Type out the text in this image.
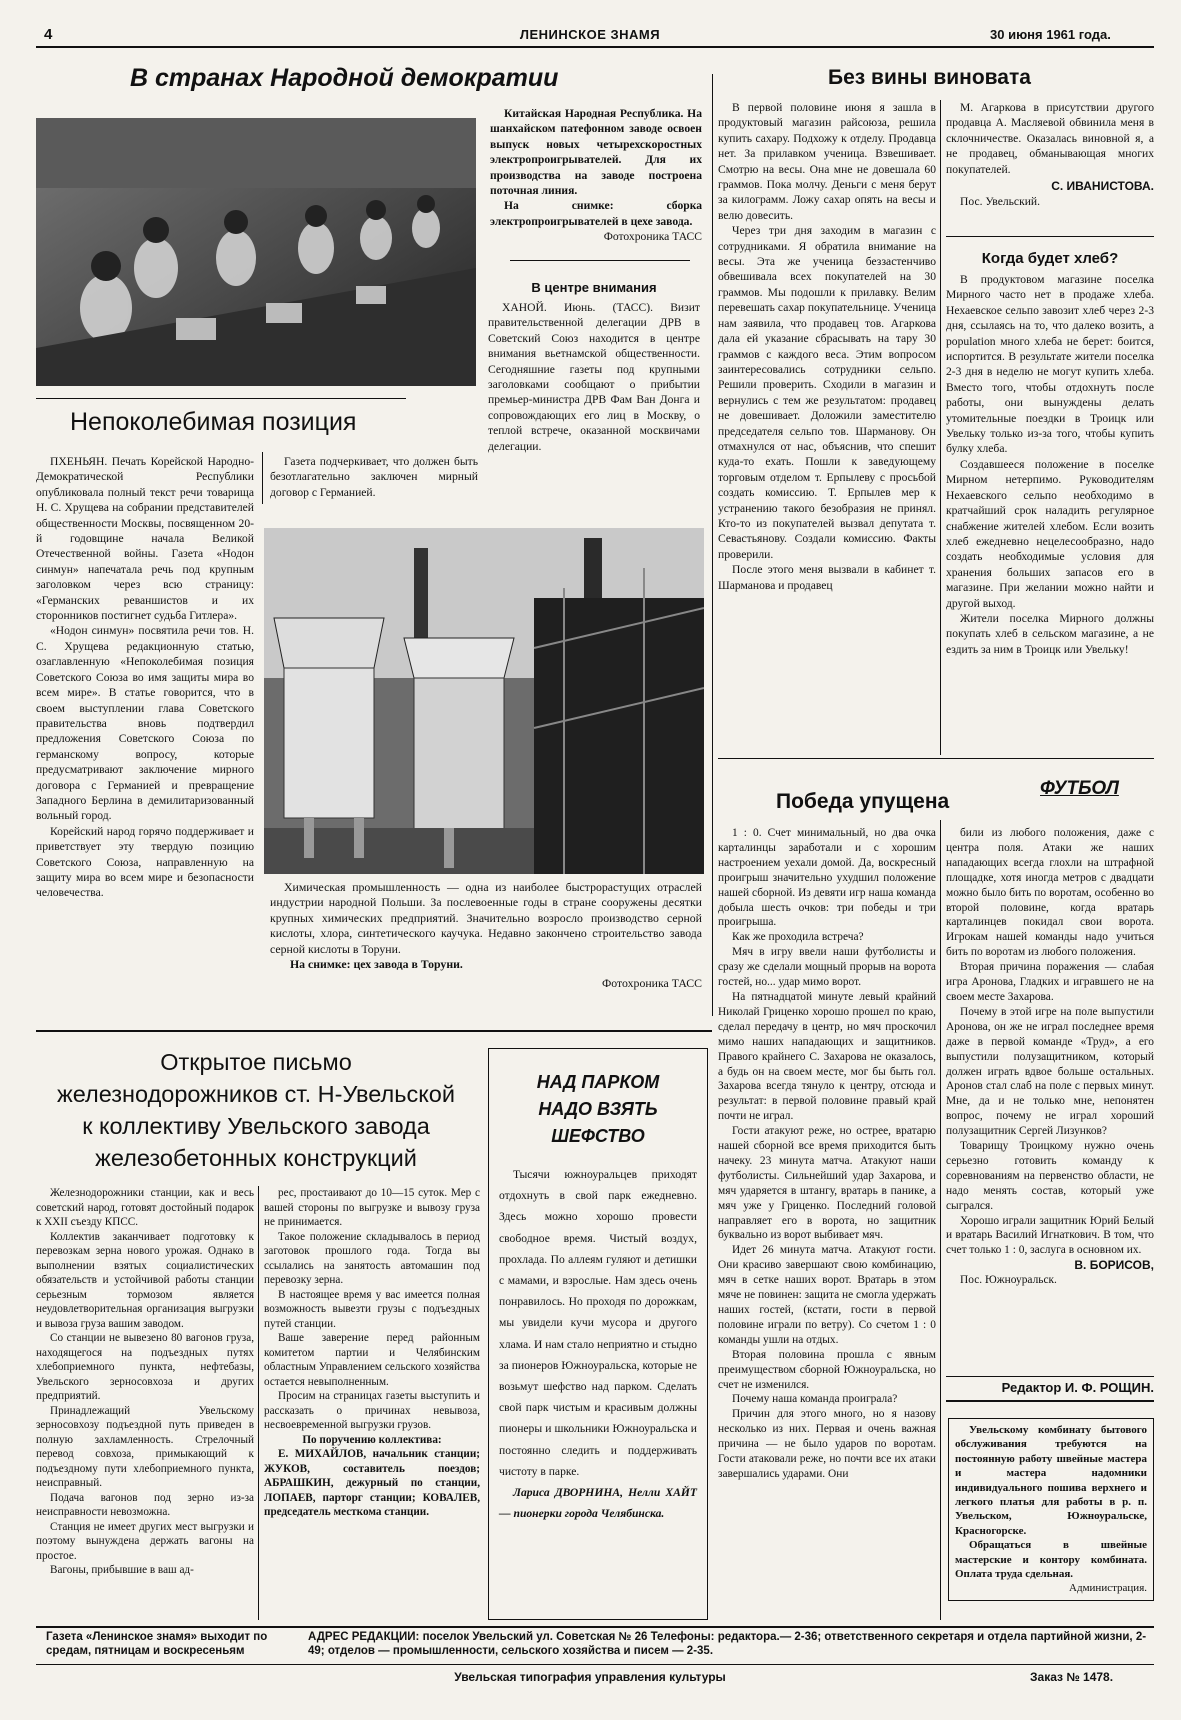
4	ЛЕНИНСКОЕ ЗНАМЯ	30 июня 1961 года.
В странах Народной демократии

Китайская Народная Республика. На шанхайском патефонном заводе освоен выпуск новых четырехскоростных электропроигрывателей. Для их производства на заводе построена поточная линия.

На снимке: сборка электропроигрывателей в цехе завода.

Фотохроника ТАСС
В центре внимания

ХАНОЙ. Июнь. (ТАСС). Визит правительственной делегации ДРВ в Советский Союз находится в центре внимания вьетнамской общественности. Сегодняшние газеты под крупными заголовками сообщают о прибытии премьер-министра ДРВ Фам Ван Донга и сопровождающих его лиц в Москву, о теплой встрече, оказанной москвичами делегации.

Непоколебимая позиция

ПХЕНЬЯН. Печать Корейской Народно-Демократической Республики опубликовала полный текст речи товарища Н. С. Хрущева на собрании представителей общественности Москвы, посвященном 20-й годовщине начала Великой Отечественной войны. Газета «Нодон синмун» напечатала речь под крупным заголовком через всю страницу: «Германских реваншистов и их сторонников постигнет судьба Гитлера».

«Нодон синмун» посвятила речи тов. Н. С. Хрущева редакционную статью, озаглавленную «Непоколебимая позиция Советского Союза во имя защиты мира во всем мире». В статье говорится, что в своем выступлении глава Советского правительства вновь подтвердил предложения Советского Союза по германскому вопросу, которые предусматривают заключение мирного договора с Германией и превращение Западного Берлина в демилитаризованный вольный город.

Корейский народ горячо поддерживает и приветствует эту твердую позицию Советского Союза, направленную на защиту мира во всем мире и безопасности человечества.

Газета подчеркивает, что должен быть безотлагательно заключен мирный договор с Германией.

Химическая промышленность — одна из наиболее быстрорастущих отраслей индустрии народной Польши. За послевоенные годы в стране сооружены десятки крупных химических предприятий. Значительно возросло производство серной кислоты, хлора, синтетического каучука. Недавно закончено строительство завода серной кислоты в Торуни.

На снимке: цех завода в Торуни.
Фотохроника ТАСС
Без вины виновата

В первой половине июня я зашла в продуктовый магазин райсоюза, решила купить сахару. Подхожу к отделу. Продавца нет. За прилавком ученица. Взвешивает. Смотрю на весы. Она мне не довешала 60 граммов. Пока молчу. Деньги с меня берут за килограмм. Ложу сахар опять на весы и велю довесить.

Через три дня заходим в магазин с сотрудниками. Я обратила внимание на весы. Эта же ученица беззастенчиво обвешивала всех покупателей на 30 граммов. Мы подошли к прилавку. Велим перевешать сахар покупательнице. Ученица нам заявила, что продавец тов. Агаркова дала ей указание сбрасывать на тару 30 граммов с каждого веса. Этим вопросом заинтересовались сотрудники сельпо. Решили проверить. Сходили в магазин и вернулись с тем же результатом: продавец не довешивает. Доложили заместителю председателя сельпо тов. Шарманову. Он отмахнулся от нас, объяснив, что спешит куда-то ехать. Пошли к заведующему торговым отделом т. Ерпылеву с просьбой создать комиссию. Т. Ерпылев мер к устранению такого безобразия не принял. Кто-то из покупателей вызвал депутата т. Севастьянову. Создали комиссию. Факты проверили.

После этого меня вызвали в кабинет т. Шарманова и продавец

М. Агаркова в присутствии другого продавца А. Масляевой обвинила меня в склочничестве. Оказалась виновной я, а не продавец, обманывающая многих покупателей.

С. ИВАНИСТОВА.
Пос. Увельский.
Когда будет хлеб?

В продуктовом магазине поселка Мирного часто нет в продаже хлеба. Нехаевское сельпо завозит хлеб через 2-3 дня, ссылаясь на то, что далеко возить, а population много хлеба не берет: боится, испортится. В результате жители поселка 2-3 дня в неделю не могут купить хлеба. Вместо того, чтобы отдохнуть после работы, они вынуждены делать утомительные поездки в Троицк или Увельку только из-за того, чтобы купить булку хлеба.

Создавшееся положение в поселке Мирном нетерпимо. Руководителям Нехаевского сельпо необходимо в кратчайший срок наладить регулярное снабжение жителей хлебом. Если возить хлеб ежедневно нецелесообразно, надо создать необходимые условия для хранения больших запасов его в магазине. При желании можно найти и другой выход.

Жители поселка Мирного должны покупать хлеб в сельском магазине, а не ездить за ним в Троицк или Увельку!

Победа упущена
ФУТБОЛ

1 : 0. Счет минимальный, но два очка карталинцы заработали и с хорошим настроением уехали домой. Да, воскресный проигрыш значительно ухудшил положение нашей сборной. Из девяти игр наша команда добыла шесть очков: три победы и три проигрыша.

Как же проходила встреча?

Мяч в игру ввели наши футболисты и сразу же сделали мощный прорыв на ворота гостей, но... удар мимо ворот.

На пятнадцатой минуте левый крайний Николай Гриценко хорошо прошел по краю, сделал передачу в центр, но мяч проскочил мимо наших нападающих и защитников. Правого крайнего С. Захарова не оказалось, а будь он на своем месте, мог бы быть гол. Захарова всегда тянуло к центру, отсюда и результат: в первой половине правый край почти не играл.

Гости атакуют реже, но острее, вратарю нашей сборной все время приходится быть начеку. 23 минута матча. Атакуют наши футболисты. Сильнейший удар Захарова, и мяч ударяется в штангу, вратарь в панике, а мяч уже у Гриценко. Последний головой направляет его в ворота, но защитник буквально из ворот выбивает мяч.

Идет 26 минута матча. Атакуют гости. Они красиво завершают свою комбинацию, мяч в сетке наших ворот. Вратарь в этом мяче не повинен: защита не смогла удержать наших гостей, (кстати, гости в первой половине играли по ветру). Со счетом 1 : 0 команды ушли на отдых.

Вторая половина прошла с явным преимуществом сборной Южноуральска, но счет не изменился.

Почему наша команда проиграла?

Причин для этого много, но я назову несколько из них. Первая и очень важная причина — не было ударов по воротам. Гости атаковали реже, но почти все их атаки завершались ударами. Они

били из любого положения, даже с центра поля. Атаки же наших нападающих всегда глохли на штрафной площадке, хотя иногда метров с двадцати можно было бить по воротам, особенно во второй половине, когда вратарь карталинцев покидал свои ворота. Игрокам нашей команды надо учиться бить по воротам из любого положения.

Вторая причина поражения — слабая игра Аронова, Гладких и игравшего не на своем месте Захарова.

Почему в этой игре на поле выпустили Аронова, он же не играл последнее время даже в первой команде «Труд», а его выпустили полузащитником, который должен играть вдвое больше остальных. Аронов стал слаб на поле с первых минут. Мне, да и не только мне, непонятен вопрос, почему не играл хороший полузащитник Сергей Лизунков?

Товарищу Троицкому нужно очень серьезно готовить команду к соревнованиям на первенство области, не надо менять состав, который уже сыгрался.

Хорошо играли защитник Юрий Белый и вратарь Василий Игнаткович. В том, что счет только 1 : 0, заслуга в основном их.

В. БОРИСОВ,
Пос. Южноуральск.
Редактор И. Ф. РОЩИН.

Увельскому комбинату бытового обслуживания требуются на постоянную работу швейные мастера и мастера надомники индивидуального пошива верхнего и легкого платья для работы в р. п. Увельском, Южноуральске, Красногорске.

Обращаться в швейные мастерские и контору комбината. Оплата труда сдельная.

Администрация.
Открытое письмо
железнодорожников ст. Н-Увельской
к коллективу Увельского завода
железобетонных конструкций

Железнодорожники станции, как и весь советский народ, готовят достойный подарок к XXII съезду КПСС.

Коллектив заканчивает подготовку к перевозкам зерна нового урожая. Однако в выполнении взятых социалистических обязательств и устойчивой работы станции серьезным тормозом является неудовлетворительная организация выгрузки и вывоза груза вашим заводом.

Со станции не вывезено 80 вагонов груза, находящегося на подъездных путях хлебоприемного пункта, нефтебазы, Увельского зерносовхоза и других предприятий.

Принадлежащий Увельскому зерносовхозу подъездной путь приведен в полную захламленность. Стрелочный перевод совхоза, примыкающий к подъездному пути хлебоприемного пункта, неисправный.

Подача вагонов под зерно из-за неисправности невозможна.

Станция не имеет других мест выгрузки и поэтому вынуждена держать вагоны на простое.

Вагоны, прибывшие в ваш ад-

рес, простаивают до 10—15 суток. Мер с вашей стороны по выгрузке и вывозу груза не принимается.

Такое положение складывалось в период заготовок прошлого года. Тогда вы ссылались на занятость автомашин под перевозку зерна.

В настоящее время у вас имеется полная возможность вывезти грузы с подъездных путей станции.

Ваше заверение перед районным комитетом партии и Челябинским областным Управлением сельского хозяйства остается невыполненным.

Просим на страницах газеты выступить и рассказать о причинах невывоза, несвоевременной выгрузки грузов.

По поручению коллектива:

Е. МИХАЙЛОВ, начальник станции; ЖУКОВ, составитель поездов; АБРАШКИН, дежурный по станции, ЛОПАЕВ, парторг станции; КОВАЛЕВ, председатель месткома станции.

НАД ПАРКОМ
НАДО ВЗЯТЬ
ШЕФСТВО

Тысячи южноуральцев приходят отдохнуть в свой парк ежедневно. Здесь можно хорошо провести свободное время. Чистый воздух, прохлада. По аллеям гуляют и детишки с мамами, и взрослые. Нам здесь очень понравилось. Но проходя по дорожкам, мы увидели кучи мусора и другого хлама. И нам стало неприятно и стыдно за пионеров Южноуральска, которые не возьмут шефство над парком. Сделать свой парк чистым и красивым должны пионеры и школьники Южноуральска и постоянно следить и поддерживать чистоту в парке.

Лариса ДВОРНИНА, Нелли ХАЙТ — пионерки города Челябинска.

Газета «Ленинское знамя» выходит по средам, пятницам и воскресеньям
АДРЕС РЕДАКЦИИ: поселок Увельский ул. Советская № 26 Телефоны: редактора.— 2-36; ответственного секретаря и отдела партийной жизни, 2-49; отделов — промышленности, сельского хозяйства и писем — 2-35.
Увельская типография управления культуры	Заказ № 1478.
